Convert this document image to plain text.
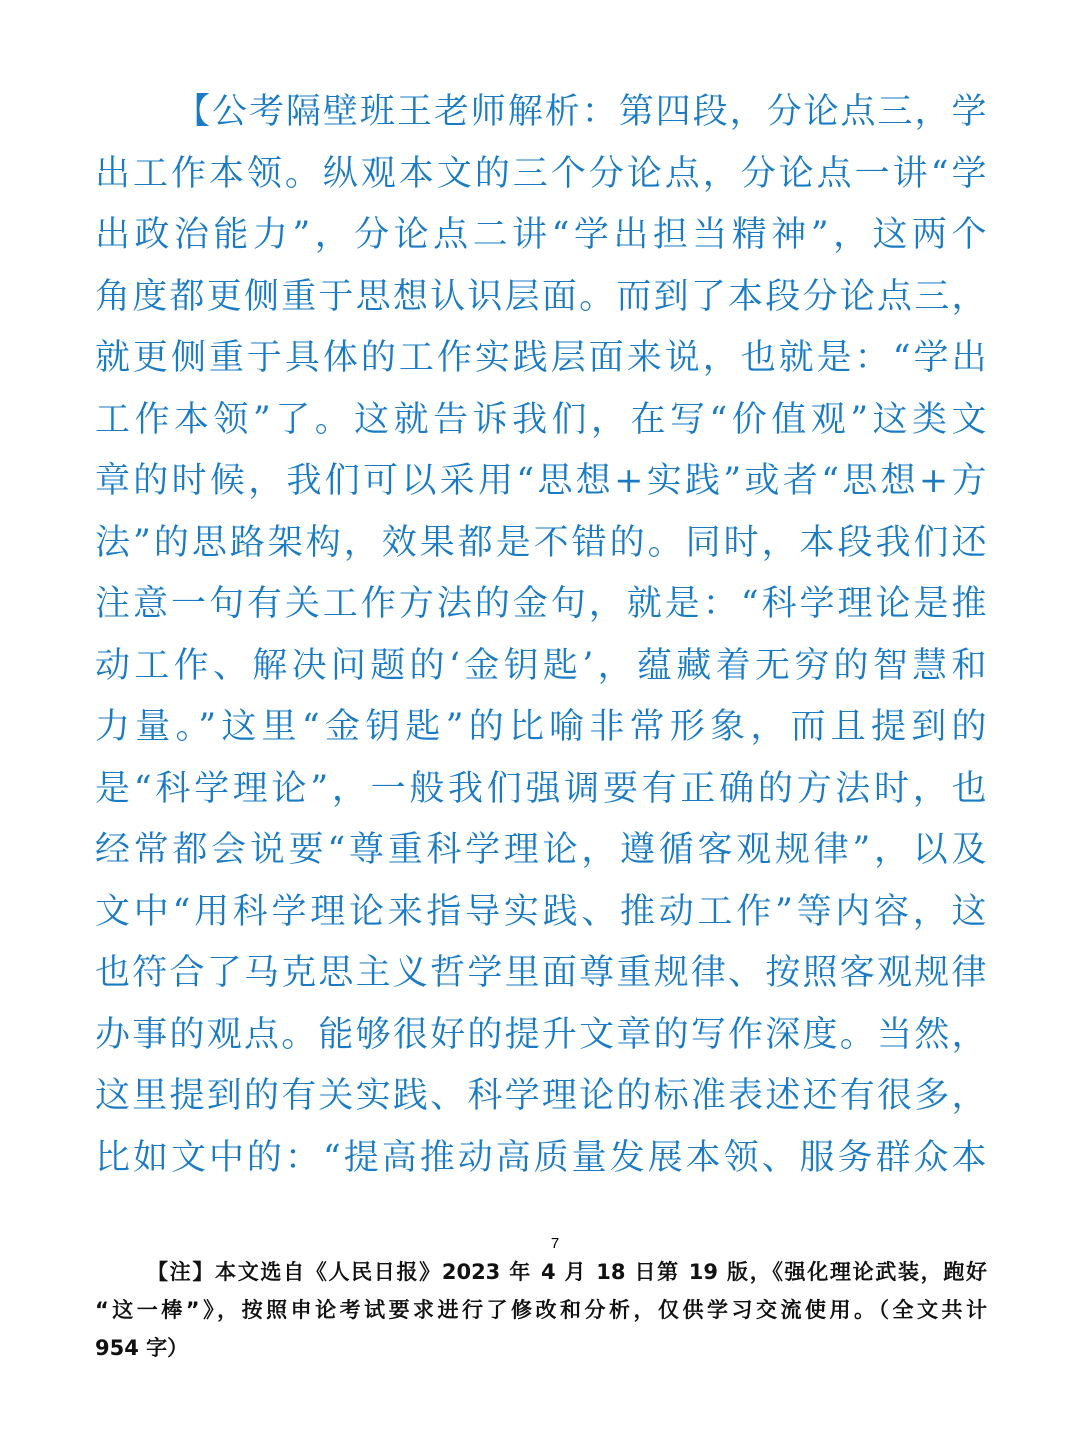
【公考隔壁班王老师解析：第四段，分论点三，学
出工作本领。纵观本文的三个分论点，分论点一讲“学
出政治能力”，分论点二讲“学出担当精神”，这两个
角度都更侧重于思想认识层面。而到了本段分论点三，
就更侧重于具体的工作实践层面来说，也就是：“学出
工作本领”了。这就告诉我们，在写“价值观”这类文
章的时候，我们可以采用“思想+实践”或者“思想+方
法”的思路架构，效果都是不错的。同时，本段我们还
注意一句有关工作方法的金句，就是：“科学理论是推
动工作、解决问题的‘金钥匙’，蕴藏着无穷的智慧和
力量。”这里“金钥匙”的比喻非常形象，而且提到的
是“科学理论”，一般我们强调要有正确的方法时，也
经常都会说要“尊重科学理论，遵循客观规律”，以及
文中“用科学理论来指导实践、推动工作”等内容，这
也符合了马克思主义哲学里面尊重规律、按照客观规律
办事的观点。能够很好的提升文章的写作深度。当然，
这里提到的有关实践、科学理论的标准表述还有很多，
比如文中的：“提高推动高质量发展本领、服务群众本
7
【注】本文选自《人民日报》2023 年 4 月 18 日第 19 版，《强化理论武装，跑好
“这一棒”》，按照申论考试要求进行了修改和分析，仅供学习交流使用。（全文共计
954 字）
